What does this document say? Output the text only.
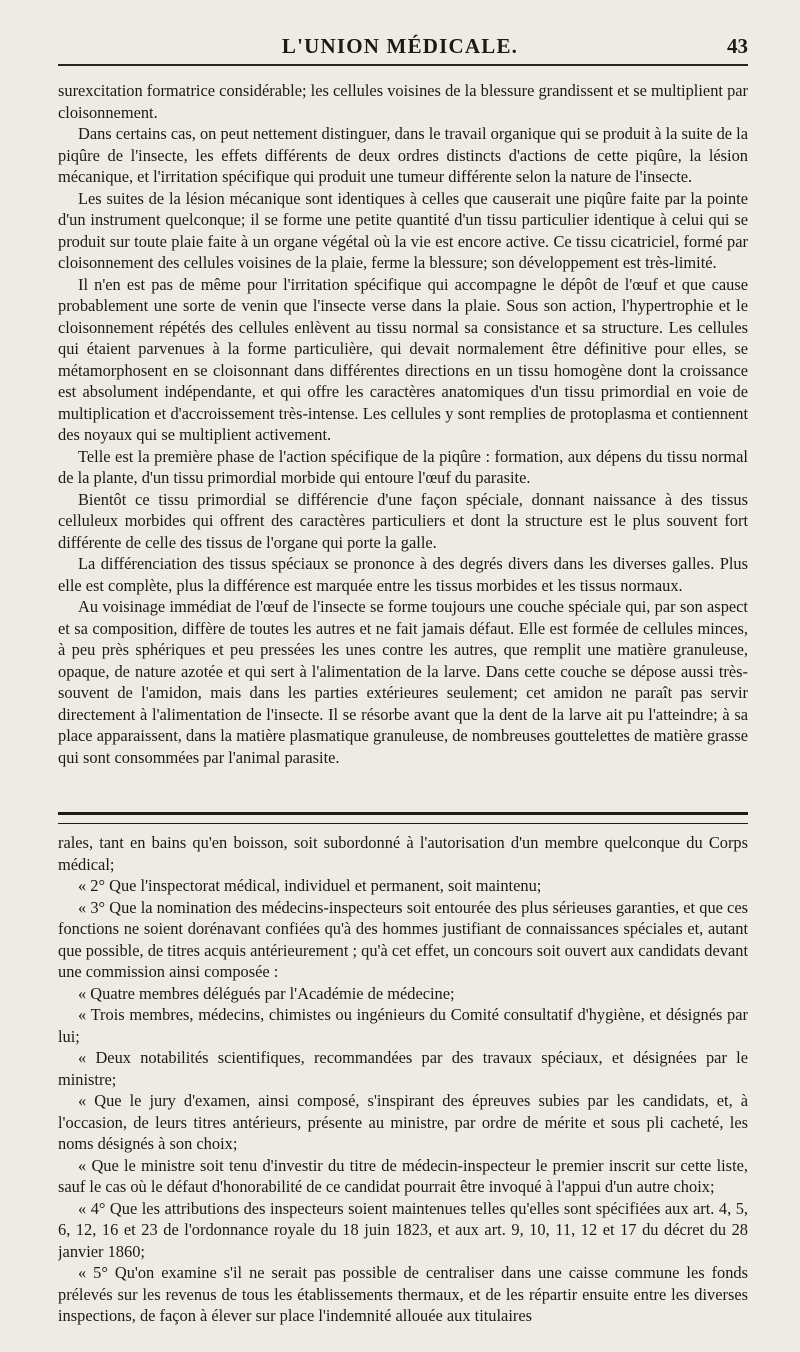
L'UNION MÉDICALE.	43

surexcitation formatrice considérable; les cellules voisines de la blessure grandissent et se multiplient par cloisonnement.

Dans certains cas, on peut nettement distinguer, dans le travail organique qui se produit à la suite de la piqûre de l'insecte, les effets différents de deux ordres distincts d'actions de cette piqûre, la lésion mécanique, et l'irritation spécifique qui produit une tumeur différente selon la nature de l'insecte.

Les suites de la lésion mécanique sont identiques à celles que causerait une piqûre faite par la pointe d'un instrument quelconque; il se forme une petite quantité d'un tissu particulier identique à celui qui se produit sur toute plaie faite à un organe végétal où la vie est encore active. Ce tissu cicatriciel, formé par cloisonnement des cellules voisines de la plaie, ferme la blessure; son développement est très-limité.

Il n'en est pas de même pour l'irritation spécifique qui accompagne le dépôt de l'œuf et que cause probablement une sorte de venin que l'insecte verse dans la plaie. Sous son action, l'hypertrophie et le cloisonnement répétés des cellules enlèvent au tissu normal sa consistance et sa structure. Les cellules qui étaient parvenues à la forme particulière, qui devait normalement être définitive pour elles, se métamorphosent en se cloisonnant dans différentes directions en un tissu homogène dont la croissance est absolument indépendante, et qui offre les caractères anatomiques d'un tissu primordial en voie de multiplication et d'accroissement très-intense. Les cellules y sont remplies de protoplasma et contiennent des noyaux qui se multiplient activement.

Telle est la première phase de l'action spécifique de la piqûre : formation, aux dépens du tissu normal de la plante, d'un tissu primordial morbide qui entoure l'œuf du parasite.

Bientôt ce tissu primordial se différencie d'une façon spéciale, donnant naissance à des tissus celluleux morbides qui offrent des caractères particuliers et dont la structure est le plus souvent fort différente de celle des tissus de l'organe qui porte la galle.

La différenciation des tissus spéciaux se prononce à des degrés divers dans les diverses galles. Plus elle est complète, plus la différence est marquée entre les tissus morbides et les tissus normaux.

Au voisinage immédiat de l'œuf de l'insecte se forme toujours une couche spéciale qui, par son aspect et sa composition, diffère de toutes les autres et ne fait jamais défaut. Elle est formée de cellules minces, à peu près sphériques et peu pressées les unes contre les autres, que remplit une matière granuleuse, opaque, de nature azotée et qui sert à l'alimentation de la larve. Dans cette couche se dépose aussi très-souvent de l'amidon, mais dans les parties extérieures seulement; cet amidon ne paraît pas servir directement à l'alimentation de l'insecte. Il se résorbe avant que la dent de la larve ait pu l'atteindre; à sa place apparaissent, dans la matière plasmatique granuleuse, de nombreuses gouttelettes de matière grasse qui sont consommées par l'animal parasite.

rales, tant en bains qu'en boisson, soit subordonné à l'autorisation d'un membre quelconque du Corps médical;

« 2° Que l'inspectorat médical, individuel et permanent, soit maintenu;

« 3° Que la nomination des médecins-inspecteurs soit entourée des plus sérieuses garanties, et que ces fonctions ne soient dorénavant confiées qu'à des hommes justifiant de connaissances spéciales et, autant que possible, de titres acquis antérieurement ; qu'à cet effet, un concours soit ouvert aux candidats devant une commission ainsi composée :

« Quatre membres délégués par l'Académie de médecine;

« Trois membres, médecins, chimistes ou ingénieurs du Comité consultatif d'hygiène, et désignés par lui;

« Deux notabilités scientifiques, recommandées par des travaux spéciaux, et désignées par le ministre;

« Que le jury d'examen, ainsi composé, s'inspirant des épreuves subies par les candidats, et, à l'occasion, de leurs titres antérieurs, présente au ministre, par ordre de mérite et sous pli cacheté, les noms désignés à son choix;

« Que le ministre soit tenu d'investir du titre de médecin-inspecteur le premier inscrit sur cette liste, sauf le cas où le défaut d'honorabilité de ce candidat pourrait être invoqué à l'appui d'un autre choix;

« 4° Que les attributions des inspecteurs soient maintenues telles qu'elles sont spécifiées aux art. 4, 5, 6, 12, 16 et 23 de l'ordonnance royale du 18 juin 1823, et aux art. 9, 10, 11, 12 et 17 du décret du 28 janvier 1860;

« 5° Qu'on examine s'il ne serait pas possible de centraliser dans une caisse commune les fonds prélevés sur les revenus de tous les établissements thermaux, et de les répartir ensuite entre les diverses inspections, de façon à élever sur place l'indemnité allouée aux titulaires
